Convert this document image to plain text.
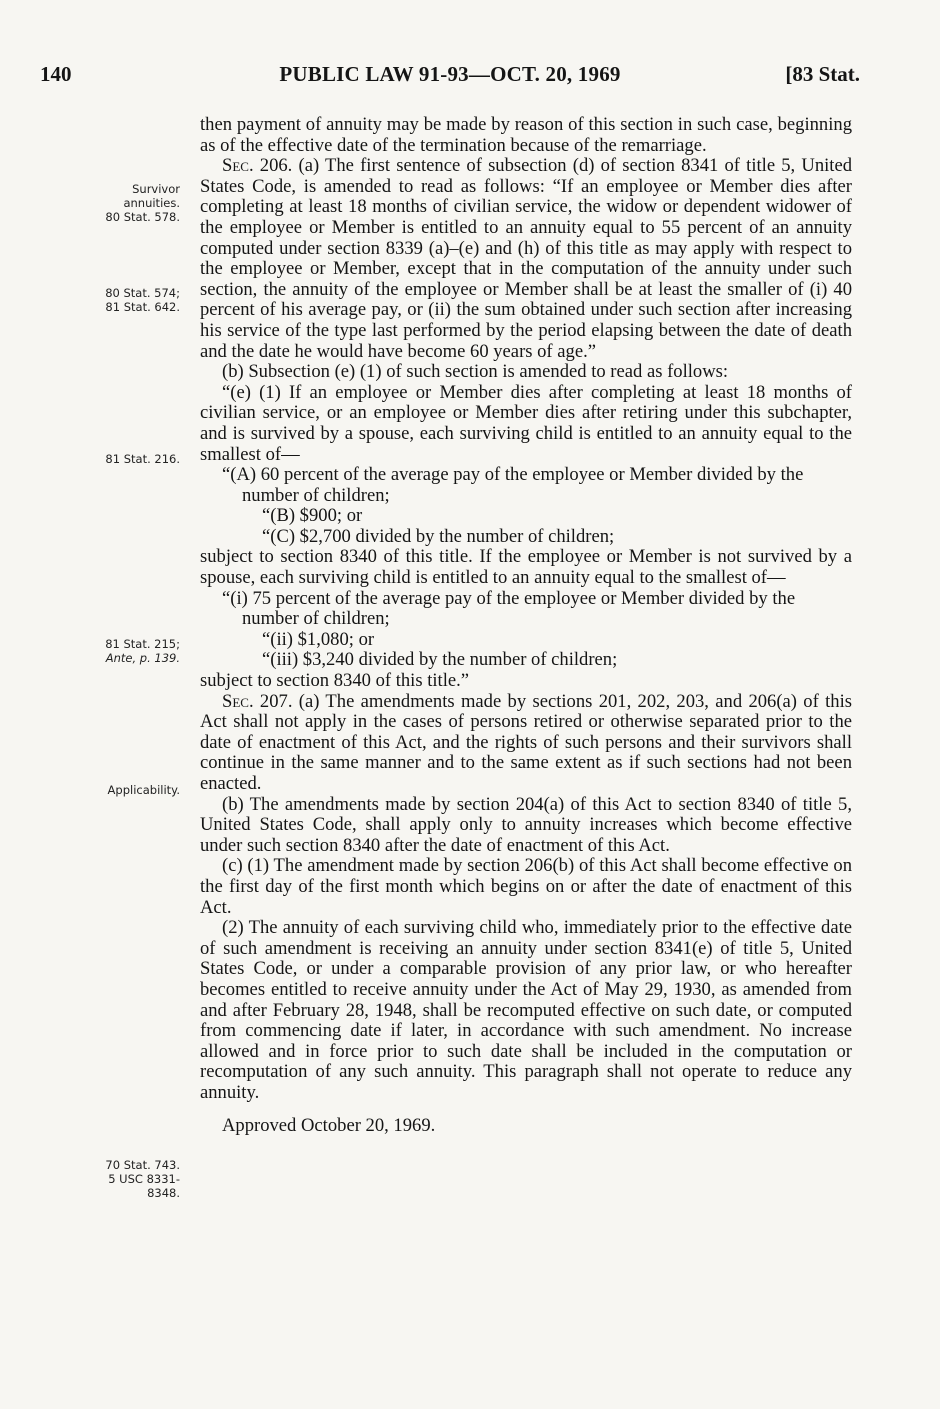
140	PUBLIC LAW 91-93—OCT. 20, 1969	[83 Stat.
Survivor
annuities.
80 Stat. 578.
80 Stat. 574;
81 Stat. 642.
81 Stat. 216.
81 Stat. 215;
Ante, p. 139.
Applicability.
70 Stat. 743.
5 USC 8331-
8348.

then payment of annuity may be made by reason of this section in such case, beginning as of the effective date of the termination because of the remarriage.

Sec. 206. (a) The first sentence of subsection (d) of section 8341 of title 5, United States Code, is amended to read as follows: “If an employee or Member dies after completing at least 18 months of civilian service, the widow or dependent widower of the employee or Member is entitled to an annuity equal to 55 percent of an annuity computed under section 8339 (a)–(e) and (h) of this title as may apply with respect to the employee or Member, except that in the computation of the annuity under such section, the annuity of the employee or Member shall be at least the smaller of (i) 40 percent of his average pay, or (ii) the sum obtained under such section after increasing his service of the type last performed by the period elapsing between the date of death and the date he would have become 60 years of age.”

(b) Subsection (e) (1) of such section is amended to read as follows:

“(e) (1) If an employee or Member dies after completing at least 18 months of civilian service, or an employee or Member dies after retiring under this subchapter, and is survived by a spouse, each surviving child is entitled to an annuity equal to the smallest of—

“(A) 60 percent of the average pay of the employee or Member divided by the number of children;

“(B) $900; or

“(C) $2,700 divided by the number of children;

subject to section 8340 of this title. If the employee or Member is not survived by a spouse, each surviving child is entitled to an annuity equal to the smallest of—

“(i) 75 percent of the average pay of the employee or Member divided by the number of children;

“(ii) $1,080; or

“(iii) $3,240 divided by the number of children;

subject to section 8340 of this title.”

Sec. 207. (a) The amendments made by sections 201, 202, 203, and 206(a) of this Act shall not apply in the cases of persons retired or otherwise separated prior to the date of enactment of this Act, and the rights of such persons and their survivors shall continue in the same manner and to the same extent as if such sections had not been enacted.

(b) The amendments made by section 204(a) of this Act to section 8340 of title 5, United States Code, shall apply only to annuity increases which become effective under such section 8340 after the date of enactment of this Act.

(c) (1) The amendment made by section 206(b) of this Act shall become effective on the first day of the first month which begins on or after the date of enactment of this Act.

(2) The annuity of each surviving child who, immediately prior to the effective date of such amendment is receiving an annuity under section 8341(e) of title 5, United States Code, or under a comparable provision of any prior law, or who hereafter becomes entitled to receive annuity under the Act of May 29, 1930, as amended from and after February 28, 1948, shall be recomputed effective on such date, or computed from commencing date if later, in accordance with such amendment. No increase allowed and in force prior to such date shall be included in the computation or recomputation of any such annuity. This paragraph shall not operate to reduce any annuity.

Approved October 20, 1969.
